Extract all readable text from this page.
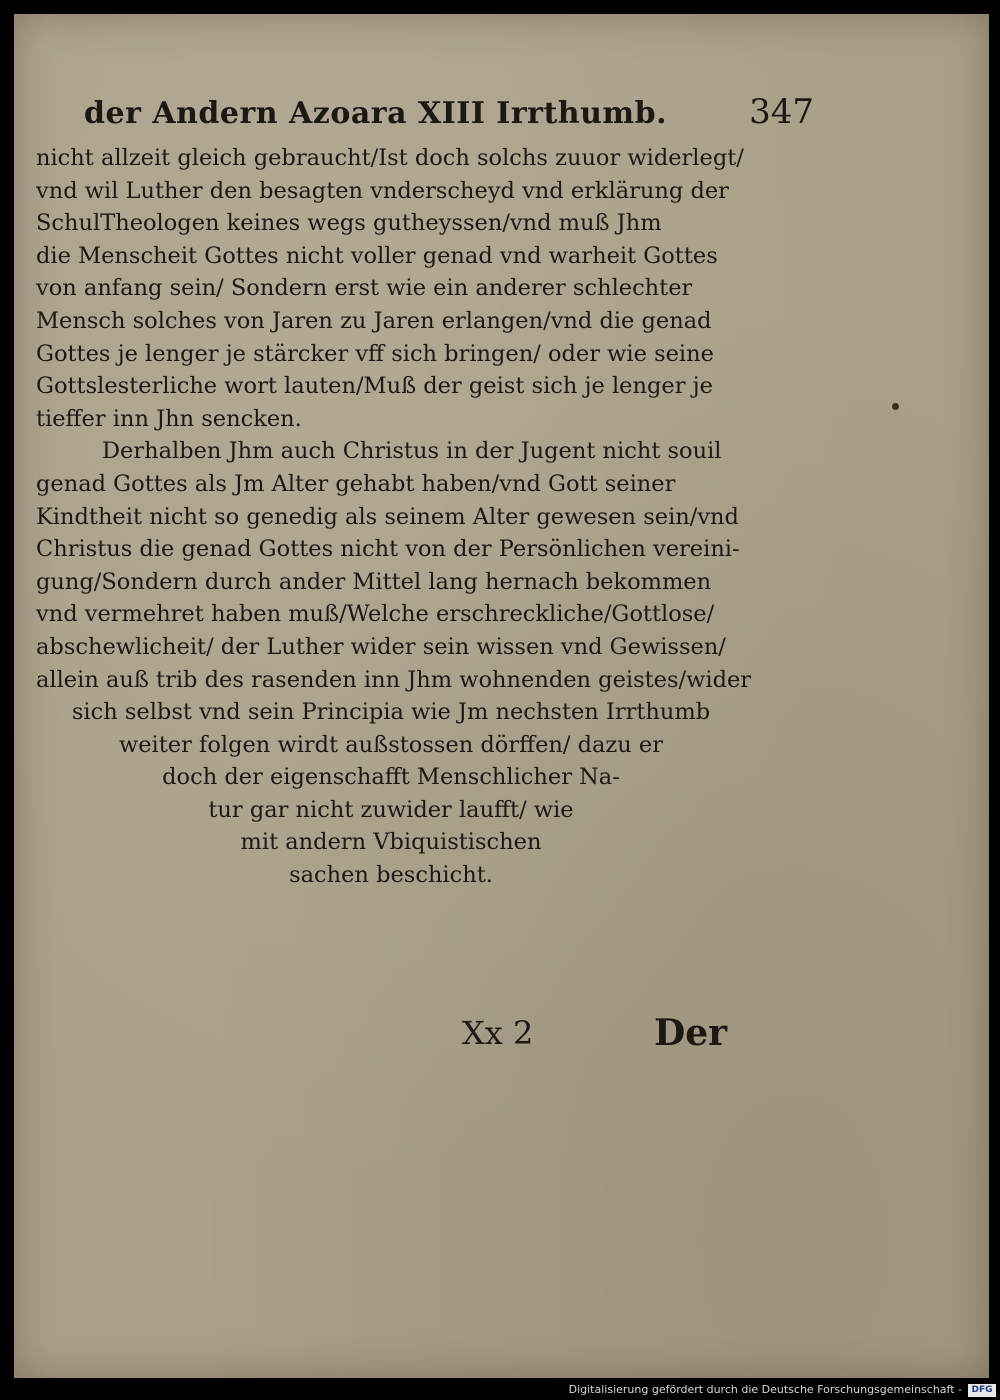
der Andern Azoara XIII Irrthumb. 347
nicht allzeit gleich gebraucht/Ist doch solchs zuuor widerlegt/
vnd wil Luther den besagten vnderscheyd vnd erklärung der
SchulTheologen keines wegs gutheyssen/vnd muß Jhm
die Menscheit Gottes nicht voller genad vnd warheit Gottes
von anfang sein/ Sondern erst wie ein anderer schlechter
Mensch solches von Jaren zu Jaren erlangen/vnd die genad
Gottes je lenger je stärcker vff sich bringen/ oder wie seine
Gottslesterliche wort lauten/Muß der geist sich je lenger je
tieffer inn Jhn sencken.
Derhalben Jhm auch Christus in der Jugent nicht souil
genad Gottes als Jm Alter gehabt haben/vnd Gott seiner
Kindtheit nicht so genedig als seinem Alter gewesen sein/vnd
Christus die genad Gottes nicht von der Persönlichen vereini-
gung/Sondern durch ander Mittel lang hernach bekommen
vnd vermehret haben muß/Welche erschreckliche/Gottlose/
abschewlicheit/ der Luther wider sein wissen vnd Gewissen/
allein auß trib des rasenden inn Jhm wohnenden geistes/wider
sich selbst vnd sein Principia wie Jm nechsten Irrthumb
weiter folgen wirdt außstossen dörffen/ dazu er
doch der eigenschafft Menschlicher Na-
tur gar nicht zuwider laufft/ wie
mit andern Vbiquistischen
sachen beschicht.
Xx 2	Der
Digitalisierung gefördert durch die Deutsche Forschungsgemeinschaft -	DFG
